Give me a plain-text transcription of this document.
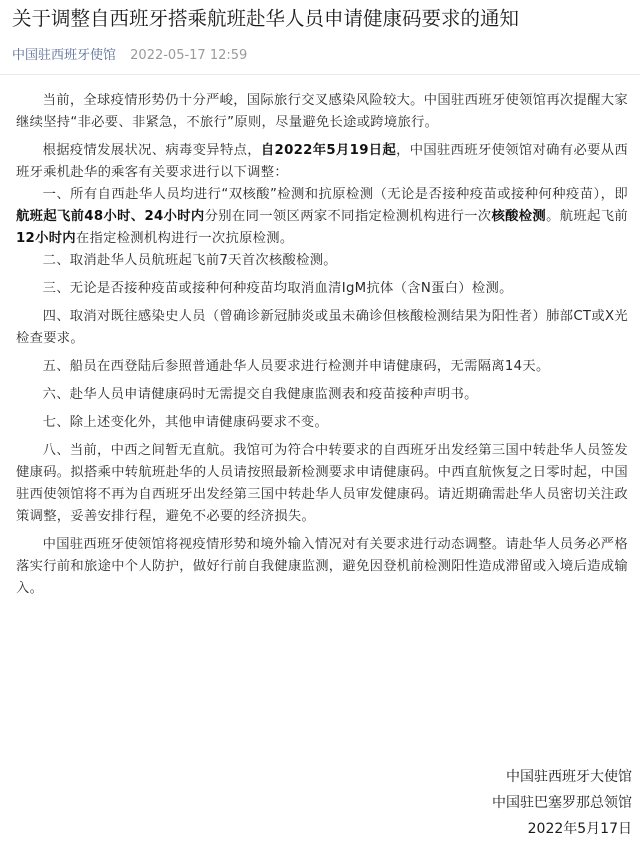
关于调整自西班牙搭乘航班赴华人员申请健康码要求的通知
中国驻西班牙使馆 2022-05-17 12:59

当前，全球疫情形势仍十分严峻，国际旅行交叉感染风险较大。中国驻西班牙使领馆再次提醒大家继续坚持“非必要、非紧急，不旅行”原则，尽量避免长途或跨境旅行。

根据疫情发展状况、病毒变异特点，自2022年5月19日起，中国驻西班牙使领馆对确有必要从西班牙乘机赴华的乘客有关要求进行以下调整：

一、所有自西赴华人员均进行“双核酸”检测和抗原检测（无论是否接种疫苗或接种何种疫苗），即航班起飞前48小时、24小时内分别在同一领区两家不同指定检测机构进行一次核酸检测。航班起飞前12小时内在指定检测机构进行一次抗原检测。

二、取消赴华人员航班起飞前7天首次核酸检测。

三、无论是否接种疫苗或接种何种疫苗均取消血清IgM抗体（含N蛋白）检测。

四、取消对既往感染史人员（曾确诊新冠肺炎或虽未确诊但核酸检测结果为阳性者）肺部CT或X光检查要求。

五、船员在西登陆后参照普通赴华人员要求进行检测并申请健康码，无需隔离14天。

六、赴华人员申请健康码时无需提交自我健康监测表和疫苗接种声明书。

七、除上述变化外，其他申请健康码要求不变。

八、当前，中西之间暂无直航。我馆可为符合中转要求的自西班牙出发经第三国中转赴华人员签发健康码。拟搭乘中转航班赴华的人员请按照最新检测要求申请健康码。中西直航恢复之日零时起，中国驻西使领馆将不再为自西班牙出发经第三国中转赴华人员审发健康码。请近期确需赴华人员密切关注政策调整，妥善安排行程，避免不必要的经济损失。

中国驻西班牙使领馆将视疫情形势和境外输入情况对有关要求进行动态调整。请赴华人员务必严格落实行前和旅途中个人防护，做好行前自我健康监测，避免因登机前检测阳性造成滞留或入境后造成输入。

中国驻西班牙大使馆
中国驻巴塞罗那总领馆
2022年5月17日
